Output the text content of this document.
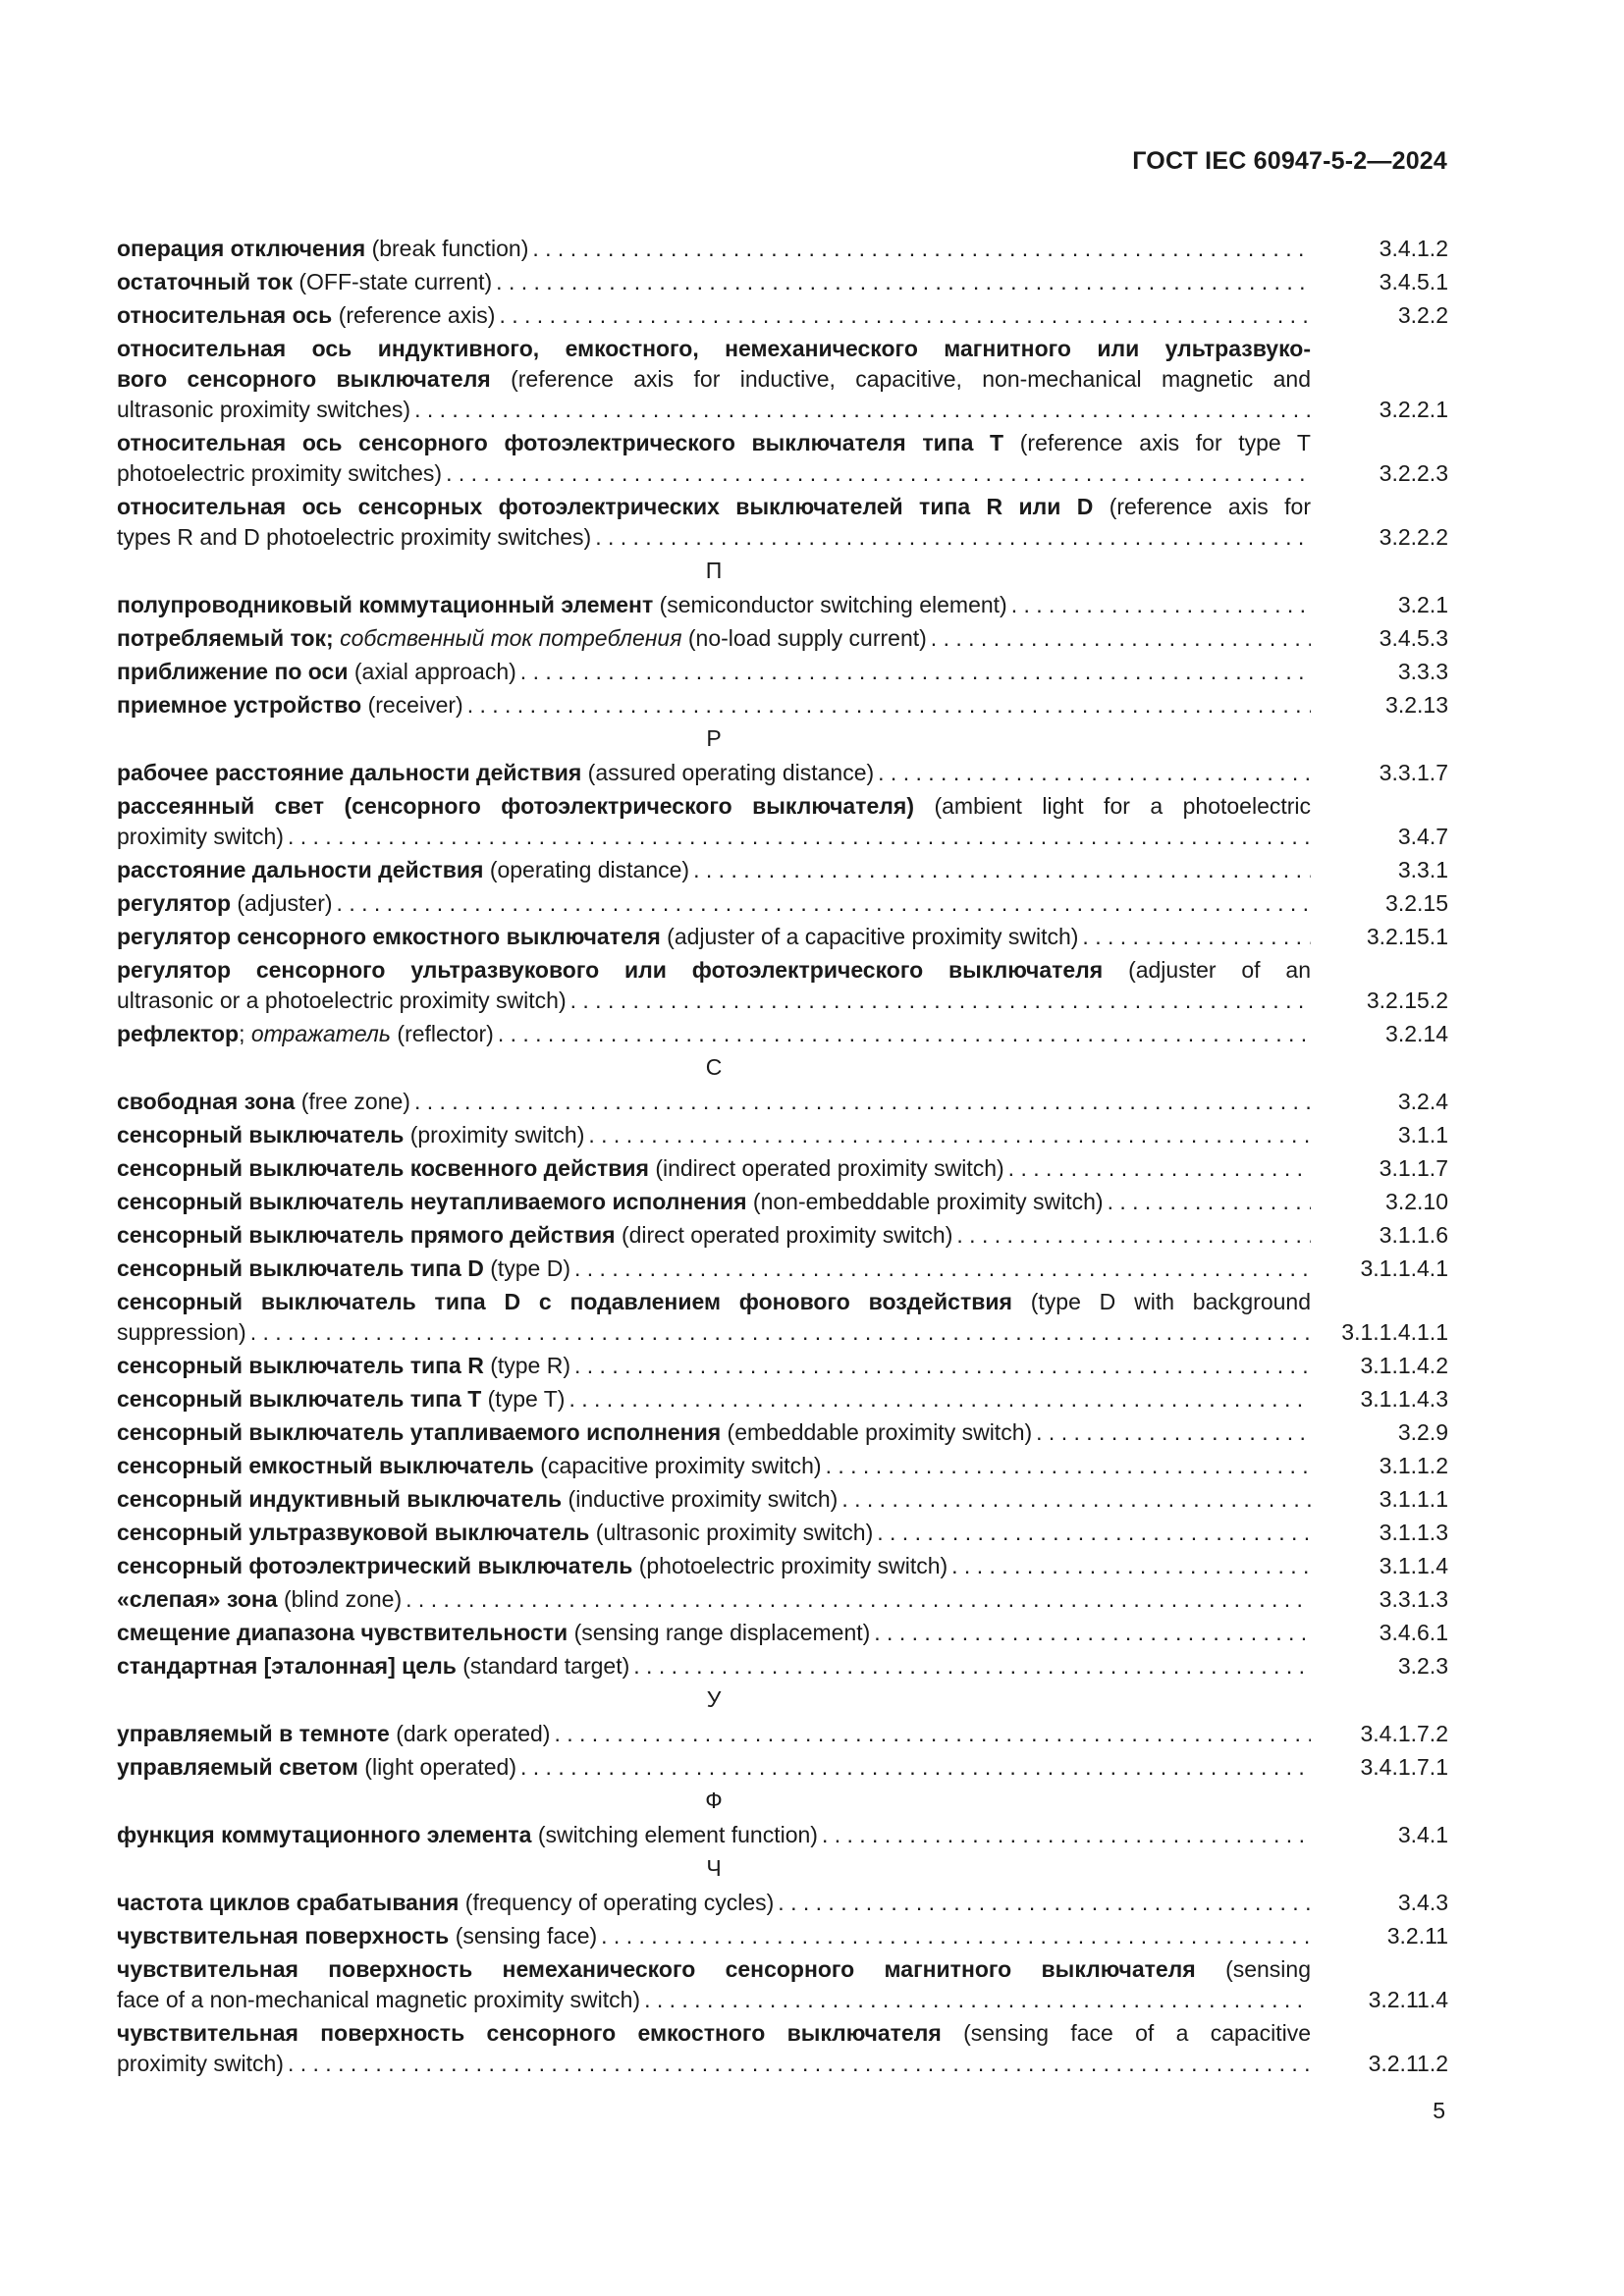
ГОСТ IEC 60947-5-2—2024
операция отключения (break function) . . .	3.4.1.2
остаточный ток (OFF-state current) . . .	3.4.5.1
относительная ось (reference axis) . . .	3.2.2
относительная ось индуктивного, емкостного, немеханического магнитного или ультразвуко-
вого сенсорного выключателя (reference axis for inductive, capacitive, non-mechanical magnetic and
ultrasonic proximity switches) . . .	3.2.2.1
относительная ось сенсорного фотоэлектрического выключателя типа T (reference axis for type T
photoelectric proximity switches) . . .	3.2.2.3
относительная ось сенсорных фотоэлектрических выключателей типа R или D (reference axis for
types R and D photoelectric proximity switches) . . .	3.2.2.2
П
полупроводниковый коммутационный элемент (semiconductor switching element) . . .	3.2.1
потребляемый ток; собственный ток потребления (no-load supply current) . . .	3.4.5.3
приближение по оси (axial approach) . . .	3.3.3
приемное устройство (receiver) . . .	3.2.13
Р
рабочее расстояние дальности действия (assured operating distance) . . .	3.3.1.7
рассеянный свет (сенсорного фотоэлектрического выключателя) (ambient light for a photoelectric
proximity switch) . . .	3.4.7
расстояние дальности действия (operating distance) . . .	3.3.1
регулятор (adjuster) . . .	3.2.15
регулятор сенсорного емкостного выключателя (adjuster of a capacitive proximity switch) . . .	3.2.15.1
регулятор сенсорного ультразвукового или фотоэлектрического выключателя (adjuster of an
ultrasonic or a photoelectric proximity switch) . . .	3.2.15.2
рефлектор; отражатель (reflector) . . .	3.2.14
С
свободная зона (free zone) . . .	3.2.4
сенсорный выключатель (proximity switch) . . .	3.1.1
сенсорный выключатель косвенного действия (indirect operated proximity switch) . . .	3.1.1.7
сенсорный выключатель неутапливаемого исполнения (non-embeddable proximity switch) . . .	3.2.10
сенсорный выключатель прямого действия (direct operated proximity switch) . . .	3.1.1.6
сенсорный выключатель типа D (type D) . . .	3.1.1.4.1
сенсорный выключатель типа D с подавлением фонового воздействия (type D with background
suppression) . . .	3.1.1.4.1.1
сенсорный выключатель типа R (type R) . . .	3.1.1.4.2
сенсорный выключатель типа T (type T) . . .	3.1.1.4.3
сенсорный выключатель утапливаемого исполнения (embeddable proximity switch) . . .	3.2.9
сенсорный емкостный выключатель (capacitive proximity switch) . . .	3.1.1.2
сенсорный индуктивный выключатель (inductive proximity switch) . . .	3.1.1.1
сенсорный ультразвуковой выключатель (ultrasonic proximity switch) . . .	3.1.1.3
сенсорный фотоэлектрический выключатель (photoelectric proximity switch) . . .	3.1.1.4
«слепая» зона (blind zone) . . .	3.3.1.3
смещение диапазона чувствительности (sensing range displacement) . . .	3.4.6.1
стандартная [эталонная] цель (standard target) . . .	3.2.3
У
управляемый в темноте (dark operated) . . .	3.4.1.7.2
управляемый светом (light operated) . . .	3.4.1.7.1
Ф
функция коммутационного элемента (switching element function) . . .	3.4.1
Ч
частота циклов срабатывания (frequency of operating cycles) . . .	3.4.3
чувствительная поверхность (sensing face) . . .	3.2.11
чувствительная поверхность немеханического сенсорного магнитного выключателя (sensing
face of a non-mechanical magnetic proximity switch) . . .	3.2.11.4
чувствительная поверхность сенсорного емкостного выключателя (sensing face of a capacitive
proximity switch) . . .	3.2.11.2
5
